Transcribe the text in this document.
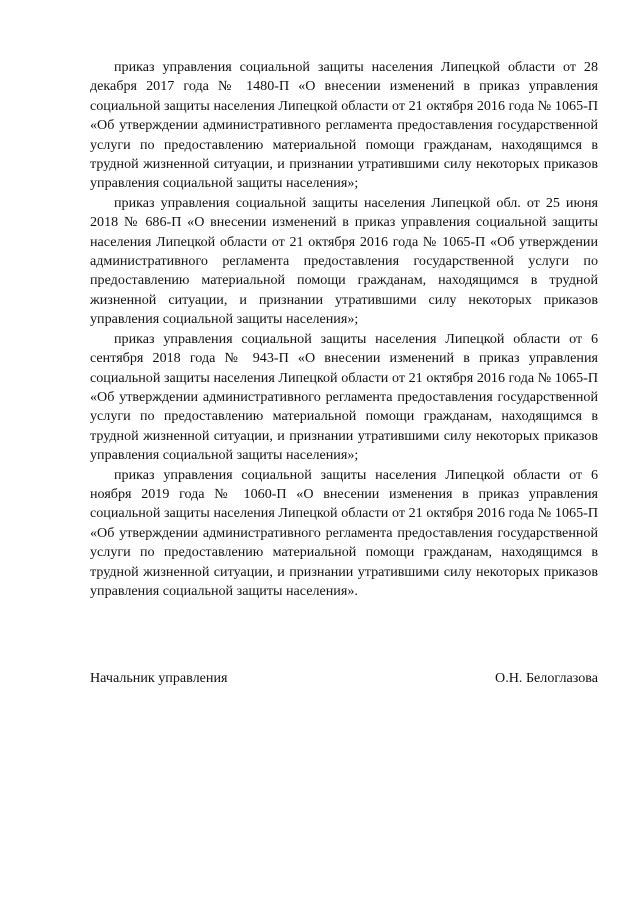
приказ управления социальной защиты населения Липецкой области от 28 декабря 2017 года № 1480-П «О внесении изменений в приказ управления социальной защиты населения Липецкой области от 21 октября 2016 года № 1065-П «Об утверждении административного регламента предоставления государственной услуги по предоставлению материальной помощи гражданам, находящимся в трудной жизненной ситуации, и признании утратившими силу некоторых приказов управления социальной защиты населения»;

приказ управления социальной защиты населения Липецкой обл. от 25 июня 2018 № 686-П «О внесении изменений в приказ управления социальной защиты населения Липецкой области от 21 октября 2016 года № 1065-П «Об утверждении административного регламента предоставления государственной услуги по предоставлению материальной помощи гражданам, находящимся в трудной жизненной ситуации, и признании утратившими силу некоторых приказов управления социальной защиты населения»;

приказ управления социальной защиты населения Липецкой области от 6 сентября 2018 года № 943-П «О внесении изменений в приказ управления социальной защиты населения Липецкой области от 21 октября 2016 года № 1065-П «Об утверждении административного регламента предоставления государственной услуги по предоставлению материальной помощи гражданам, находящимся в трудной жизненной ситуации, и признании утратившими силу некоторых приказов управления социальной защиты населения»;

приказ управления социальной защиты населения Липецкой области от 6 ноября 2019 года № 1060-П «О внесении изменения в приказ управления социальной защиты населения Липецкой области от 21 октября 2016 года № 1065-П «Об утверждении административного регламента предоставления государственной услуги по предоставлению материальной помощи гражданам, находящимся в трудной жизненной ситуации, и признании утратившими силу некоторых приказов управления социальной защиты населения».

Начальник управления	О.Н. Белоглазова
